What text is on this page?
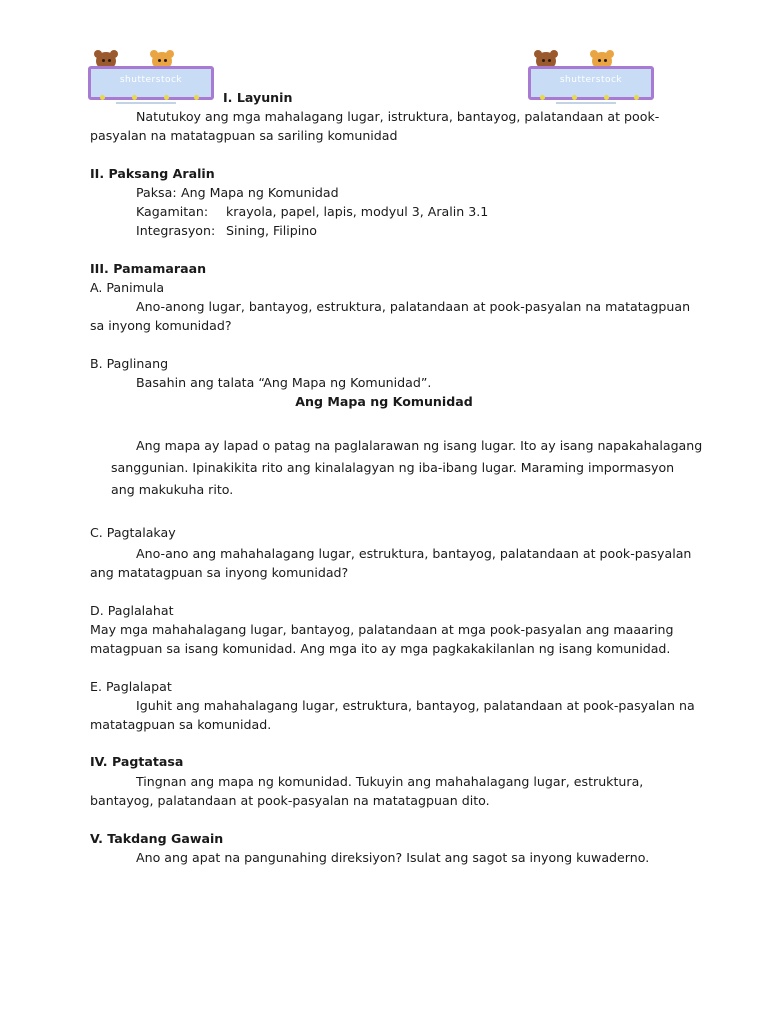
shutterstock	shutterstock
I. Layunin
Natutukoy ang mga mahalagang lugar, istruktura, bantayog, palatandaan at pook-
pasyalan na matatagpuan sa sariling komunidad
II. Paksang Aralin
Paksa: Ang Mapa ng Komunidad
Kagamitan: krayola, papel, lapis, modyul 3, Aralin 3.1
Integrasyon: Sining, Filipino
III. Pamamaraan
A. Panimula
Ano-anong lugar, bantayog, estruktura, palatandaan at pook-pasyalan na matatagpuan
sa inyong komunidad?
B. Paglinang
Basahin ang talata “Ang Mapa ng Komunidad”.
Ang Mapa ng Komunidad
Ang mapa ay lapad o patag na paglalarawan ng isang lugar. Ito ay isang napakahalagang
sanggunian. Ipinakikita rito ang kinalalagyan ng iba-ibang lugar. Maraming impormasyon
ang makukuha rito.
C. Pagtalakay
Ano-ano ang mahahalagang lugar, estruktura, bantayog, palatandaan at pook-pasyalan
ang matatagpuan sa inyong komunidad?
D. Paglalahat
May mga mahahalagang lugar, bantayog, palatandaan at mga pook-pasyalan ang maaaring
matagpuan sa isang komunidad. Ang mga ito ay mga pagkakakilanlan ng isang komunidad.
E. Paglalapat
Iguhit ang mahahalagang lugar, estruktura, bantayog, palatandaan at pook-pasyalan na
matatagpuan sa komunidad.
IV. Pagtatasa
Tingnan ang mapa ng komunidad. Tukuyin ang mahahalagang lugar, estruktura,
bantayog, palatandaan at pook-pasyalan na matatagpuan dito.
V. Takdang Gawain
Ano ang apat na pangunahing direksiyon? Isulat ang sagot sa inyong kuwaderno.
